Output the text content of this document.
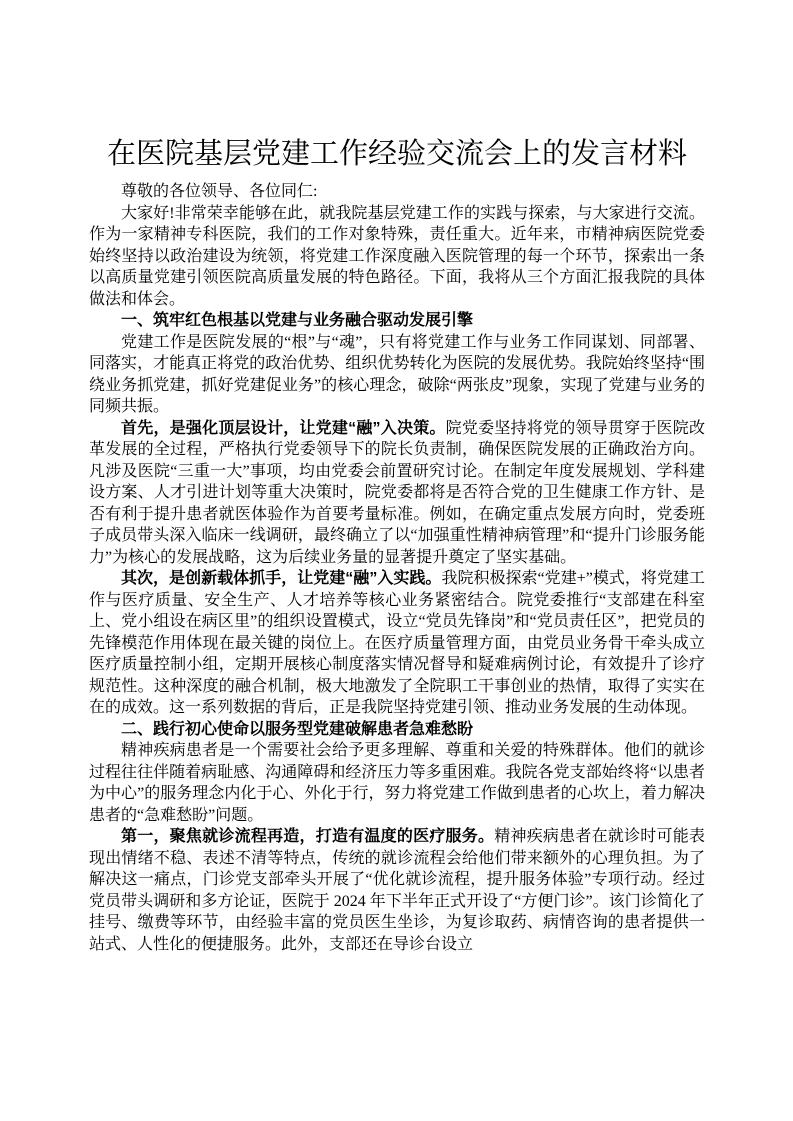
在医院基层党建工作经验交流会上的发言材料

尊敬的各位领导、各位同仁:

大家好!非常荣幸能够在此，就我院基层党建工作的实践与探索，与大家进行交流。作为一家精神专科医院，我们的工作对象特殊，责任重大。近年来，市精神病医院党委始终坚持以政治建设为统领，将党建工作深度融入医院管理的每一个环节，探索出一条以高质量党建引领医院高质量发展的特色路径。下面，我将从三个方面汇报我院的具体做法和体会。

一、筑牢红色根基以党建与业务融合驱动发展引擎

党建工作是医院发展的“根”与“魂”，只有将党建工作与业务工作同谋划、同部署、同落实，才能真正将党的政治优势、组织优势转化为医院的发展优势。我院始终坚持“围绕业务抓党建，抓好党建促业务”的核心理念，破除“两张皮”现象，实现了党建与业务的同频共振。

首先，是强化顶层设计，让党建“融”入决策。院党委坚持将党的领导贯穿于医院改革发展的全过程，严格执行党委领导下的院长负责制，确保医院发展的正确政治方向。凡涉及医院“三重一大”事项，均由党委会前置研究讨论。在制定年度发展规划、学科建设方案、人才引进计划等重大决策时，院党委都将是否符合党的卫生健康工作方针、是否有利于提升患者就医体验作为首要考量标准。例如，在确定重点发展方向时，党委班子成员带头深入临床一线调研，最终确立了以“加强重性精神病管理”和“提升门诊服务能力”为核心的发展战略，这为后续业务量的显著提升奠定了坚实基础。

其次，是创新载体抓手，让党建“融”入实践。我院积极探索“党建+”模式，将党建工作与医疗质量、安全生产、人才培养等核心业务紧密结合。院党委推行“支部建在科室上、党小组设在病区里”的组织设置模式，设立“党员先锋岗”和“党员责任区”，把党员的先锋模范作用体现在最关键的岗位上。在医疗质量管理方面，由党员业务骨干牵头成立医疗质量控制小组，定期开展核心制度落实情况督导和疑难病例讨论，有效提升了诊疗规范性。这种深度的融合机制，极大地激发了全院职工干事创业的热情，取得了实实在在的成效。这一系列数据的背后，正是我院坚持党建引领、推动业务发展的生动体现。

二、践行初心使命以服务型党建破解患者急难愁盼

精神疾病患者是一个需要社会给予更多理解、尊重和关爱的特殊群体。他们的就诊过程往往伴随着病耻感、沟通障碍和经济压力等多重困难。我院各党支部始终将“以患者为中心”的服务理念内化于心、外化于行，努力将党建工作做到患者的心坎上，着力解决患者的“急难愁盼”问题。

第一，聚焦就诊流程再造，打造有温度的医疗服务。精神疾病患者在就诊时可能表现出情绪不稳、表述不清等特点，传统的就诊流程会给他们带来额外的心理负担。为了解决这一痛点，门诊党支部牵头开展了“优化就诊流程，提升服务体验”专项行动。经过党员带头调研和多方论证，医院于 2024 年下半年正式开设了“方便门诊”。该门诊简化了挂号、缴费等环节，由经验丰富的党员医生坐诊，为复诊取药、病情咨询的患者提供一站式、人性化的便捷服务。此外，支部还在导诊台设立
